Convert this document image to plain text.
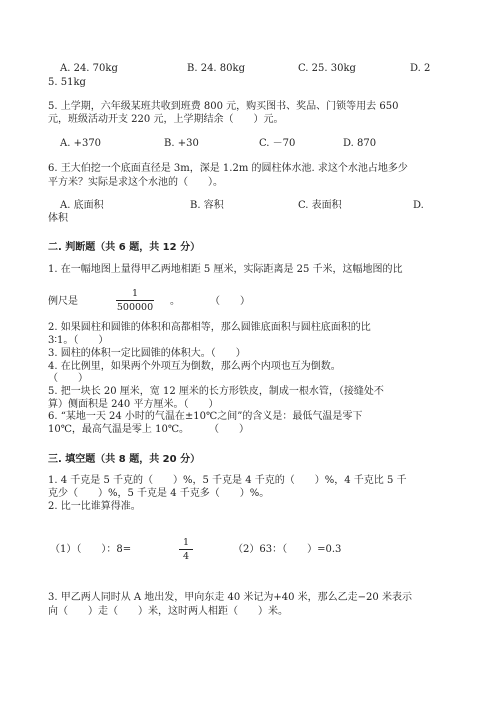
A. 24. 70kg	B. 24. 80kg	C. 25. 30kg	D. 2
5. 51kg
5. 上学期，六年级某班共收到班费 800 元，购买图书、奖品、门锁等用去 650
元，班级活动开支 220 元，上学期结余（　　）元。
A. +370	B. +30	C. －70	D. 870
6. 王大伯挖一个底面直径是 3m，深是 1.2m 的圆柱体水池. 求这个水池占地多少
平方米？实际是求这个水池的（　　）。
A. 底面积	B. 容积	C. 表面积	D.
体积
二. 判断题（共 6 题，共 12 分）
1. 在一幅地图上量得甲乙两地相距 5 厘米，实际距离是 25 千米，这幅地图的比
例尺是
1
500000
。　　　　（　　）
2. 如果圆柱和圆锥的体积和高都相等，那么圆锥底面积与圆柱底面积的比
3∶1。（　　）
3. 圆柱的体积一定比圆锥的体积大。（　　）
4. 在比例里，如果两个外项互为倒数，那么两个内项也互为倒数。
（　　）
5. 把一块长 20 厘米，宽 12 厘米的长方形铁皮，制成一根水管，（接缝处不
算）侧面积是 240 平方厘米。（　　）
6. “某地一天 24 小时的气温在±10℃之间”的含义是：最低气温是零下
10℃，最高气温是零上 10℃。　　　（　　）
三. 填空题（共 8 题，共 20 分）
1. 4 千克是 5 千克的（　　）%，5 千克是 4 千克的（　　）%，4 千克比 5 千
克少（　　）%，5 千克是 4 千克多（　　）%。
2. 比一比谁算得准。
（1）（　　）：8=
1
4
（2）63：（　　）=0.3
3. 甲乙两人同时从 A 地出发，甲向东走 40 米记为+40 米，那么乙走−20 米表示
向（　　）走（　　）米，这时两人相距（　　）米。
